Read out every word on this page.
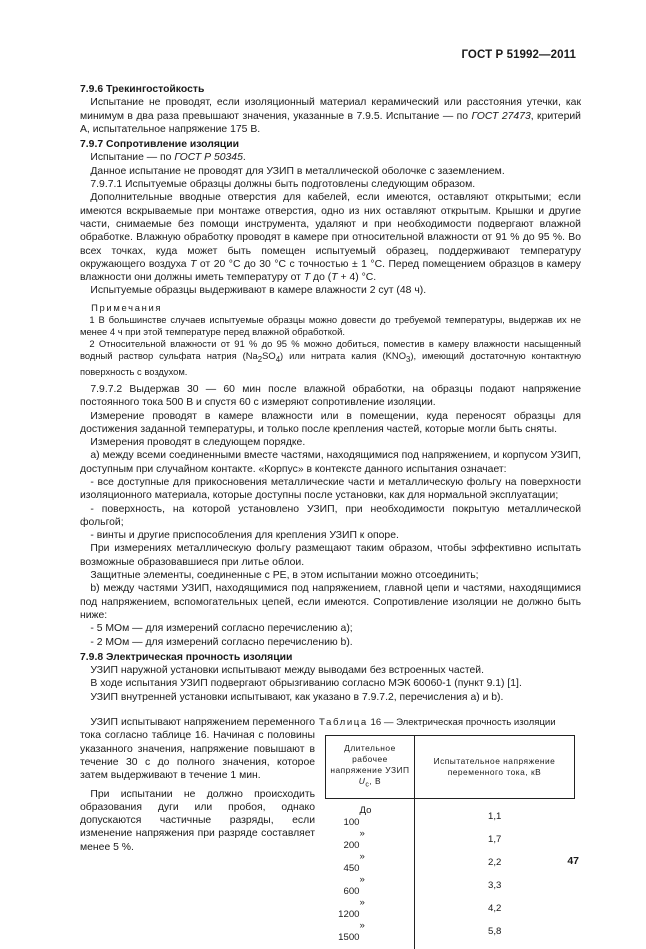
ГОСТ Р 51992—2011

7.9.6 Трекингостойкость

 Испытание не проводят, если изоляционный материал керамический или расстояния утечки, как минимум в два раза превышают значения, указанные в 7.9.5. Испытание — по ГОСТ 27473, критерий А, испытательное напряжение 175 В.

7.9.7 Сопротивление изоляции

 Испытание — по ГОСТ Р 50345.

 Данное испытание не проводят для УЗИП в металлической оболочке с заземлением.

 7.9.7.1 Испытуемые образцы должны быть подготовлены следующим образом.

 Дополнительные вводные отверстия для кабелей, если имеются, оставляют открытыми; если имеются вскрываемые при монтаже отверстия, одно из них оставляют открытым. Крышки и другие части, снимаемые без помощи инструмента, удаляют и при необходимости подвергают влажной обработке. Влажную обработку проводят в камере при относительной влажности от 91 % до 95 %. Во всех точках, куда может быть помещен испытуемый образец, поддерживают температуру окружающего воздуха T от 20 °С до 30 °С с точностью ± 1 °С. Перед помещением образцов в камеру влажности они должны иметь температуру от T до (T + 4) °С.

 Испытуемые образцы выдерживают в камере влажности 2 сут (48 ч).

 Примечания

 1 В большинстве случаев испытуемые образцы можно довести до требуемой температуры, выдержав их не менее 4 ч при этой температуре перед влажной обработкой.

 2 Относительной влажности от 91 % до 95 % можно добиться, поместив в камеру влажности насыщенный водный раствор сульфата натрия $(Na_2SO_4)$ или нитрата калия $(KNO_3)$, имеющий достаточную контактную поверхность с воздухом.

 7.9.7.2 Выдержав 30 — 60 мин после влажной обработки, на образцы подают напряжение постоянного тока 500 В и спустя 60 с измеряют сопротивление изоляции.

 Измерение проводят в камере влажности или в помещении, куда переносят образцы для достижения заданной температуры, и только после крепления частей, которые могли быть сняты.

 Измерения проводят в следующем порядке.

 а) между всеми соединенными вместе частями, находящимися под напряжением, и корпусом УЗИП, доступным при случайном контакте. «Корпус» в контексте данного испытания означает:

 - все доступные для прикосновения металлические части и металлическую фольгу на поверхности изоляционного материала, которые доступны после установки, как для нормальной эксплуатации;

 - поверхность, на которой установлено УЗИП, при необходимости покрытую металлической фольгой;

 - винты и другие приспособления для крепления УЗИП к опоре.

 При измерениях металлическую фольгу размещают таким образом, чтобы эффективно испытать возможные образовавшиеся при литье облои.

 Защитные элементы, соединенные с PE, в этом испытании можно отсоединить;

 b) между частями УЗИП, находящимися под напряжением, главной цепи и частями, находящимися под напряжением, вспомогательных цепей, если имеются. Сопротивление изоляции не должно быть ниже:

 - 5 МОм — для измерений согласно перечислению а);

 - 2 МОм — для измерений согласно перечислению b).

7.9.8 Электрическая прочность изоляции

 УЗИП наружной установки испытывают между выводами без встроенных частей.

 В ходе испытания УЗИП подвергают обрызгиванию согласно МЭК 60060-1 (пункт 9.1) [1].

 УЗИП внутренней установки испытывают, как указано в 7.9.7.2, перечисления а) и b).

 УЗИП испытывают напряжением переменного тока согласно таблице 16. Начиная с половины указанного значения, напряжение повышают в течение 30 с до полного значения, которое затем выдерживают в течение 1 мин.

 При испытании не должно происходить образования дуги или пробоя, однако допускаются частичные разряды, если изменение напряжения при разряде составляет менее 5 %.

Таблица 16 — Электрическая прочность изоляции
Длительное рабочее
напряжение УЗИП $U_c$, В	Испытательное напряжение переменного тока, кВ
До100	1,1
»200	1,7
»450	2,2
»600	3,3
»1200	4,2
»1500	5,8
47
